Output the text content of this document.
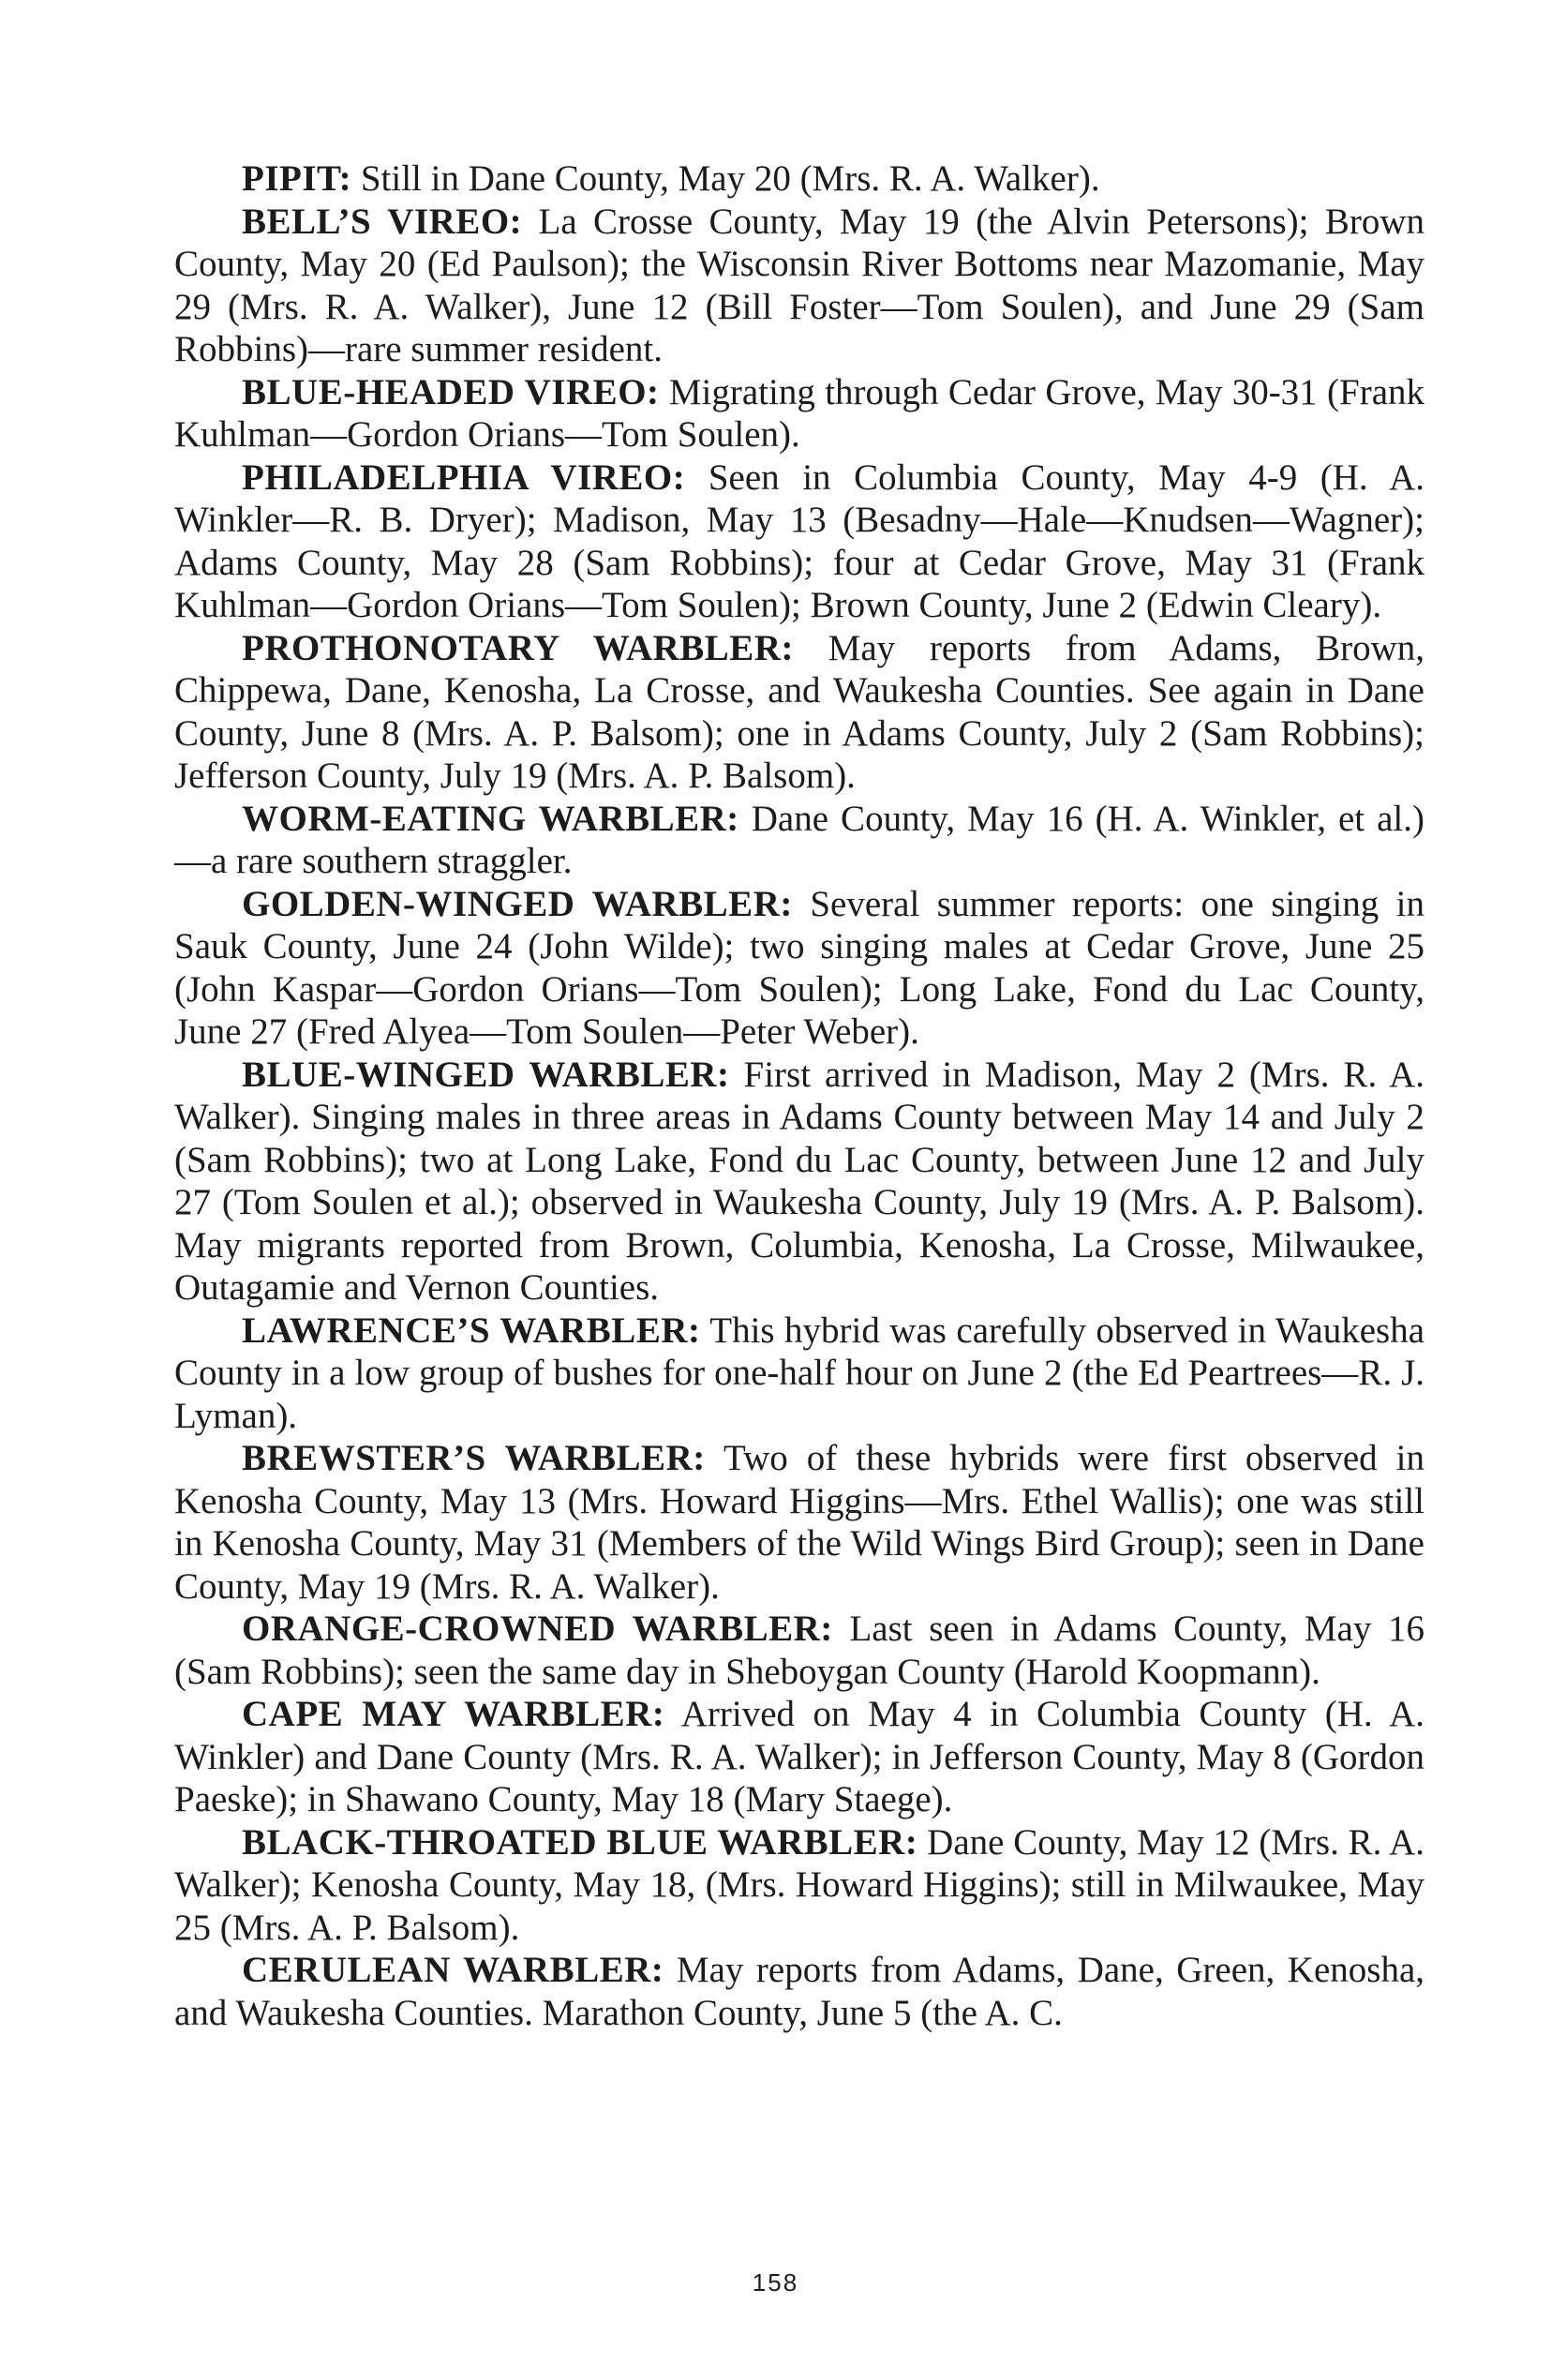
PIPIT: Still in Dane County, May 20 (Mrs. R. A. Walker).

BELL’S VIREO: La Crosse County, May 19 (the Alvin Petersons); Brown County, May 20 (Ed Paulson); the Wisconsin River Bottoms near Mazomanie, May 29 (Mrs. R. A. Walker), June 12 (Bill Foster—Tom Soulen), and June 29 (Sam Robbins)—rare summer resident.

BLUE-HEADED VIREO: Migrating through Cedar Grove, May 30-31 (Frank Kuhlman—Gordon Orians—Tom Soulen).

PHILADELPHIA VIREO: Seen in Columbia County, May 4-9 (H. A. Winkler—R. B. Dryer); Madison, May 13 (Besadny—Hale—Knudsen—Wagner); Adams County, May 28 (Sam Robbins); four at Cedar Grove, May 31 (Frank Kuhlman—Gordon Orians—Tom Soulen); Brown County, June 2 (Edwin Cleary).

PROTHONOTARY WARBLER: May reports from Adams, Brown, Chippewa, Dane, Kenosha, La Crosse, and Waukesha Counties. See again in Dane County, June 8 (Mrs. A. P. Balsom); one in Adams County, July 2 (Sam Robbins); Jefferson County, July 19 (Mrs. A. P. Balsom).

WORM-EATING WARBLER: Dane County, May 16 (H. A. Winkler, et al.)—a rare southern straggler.

GOLDEN-WINGED WARBLER: Several summer reports: one singing in Sauk County, June 24 (John Wilde); two singing males at Cedar Grove, June 25 (John Kaspar—Gordon Orians—Tom Soulen); Long Lake, Fond du Lac County, June 27 (Fred Alyea—Tom Soulen—Peter Weber).

BLUE-WINGED WARBLER: First arrived in Madison, May 2 (Mrs. R. A. Walker). Singing males in three areas in Adams County between May 14 and July 2 (Sam Robbins); two at Long Lake, Fond du Lac County, between June 12 and July 27 (Tom Soulen et al.); observed in Waukesha County, July 19 (Mrs. A. P. Balsom). May migrants reported from Brown, Columbia, Kenosha, La Crosse, Milwaukee, Outagamie and Vernon Counties.

LAWRENCE’S WARBLER: This hybrid was carefully observed in Waukesha County in a low group of bushes for one-half hour on June 2 (the Ed Peartrees—R. J. Lyman).

BREWSTER’S WARBLER: Two of these hybrids were first observed in Kenosha County, May 13 (Mrs. Howard Higgins—Mrs. Ethel Wallis); one was still in Kenosha County, May 31 (Members of the Wild Wings Bird Group); seen in Dane County, May 19 (Mrs. R. A. Walker).

ORANGE-CROWNED WARBLER: Last seen in Adams County, May 16 (Sam Robbins); seen the same day in Sheboygan County (Harold Koopmann).

CAPE MAY WARBLER: Arrived on May 4 in Columbia County (H. A. Winkler) and Dane County (Mrs. R. A. Walker); in Jefferson County, May 8 (Gordon Paeske); in Shawano County, May 18 (Mary Staege).

BLACK-THROATED BLUE WARBLER: Dane County, May 12 (Mrs. R. A. Walker); Kenosha County, May 18, (Mrs. Howard Higgins); still in Milwaukee, May 25 (Mrs. A. P. Balsom).

CERULEAN WARBLER: May reports from Adams, Dane, Green, Kenosha, and Waukesha Counties. Marathon County, June 5 (the A. C.

158
